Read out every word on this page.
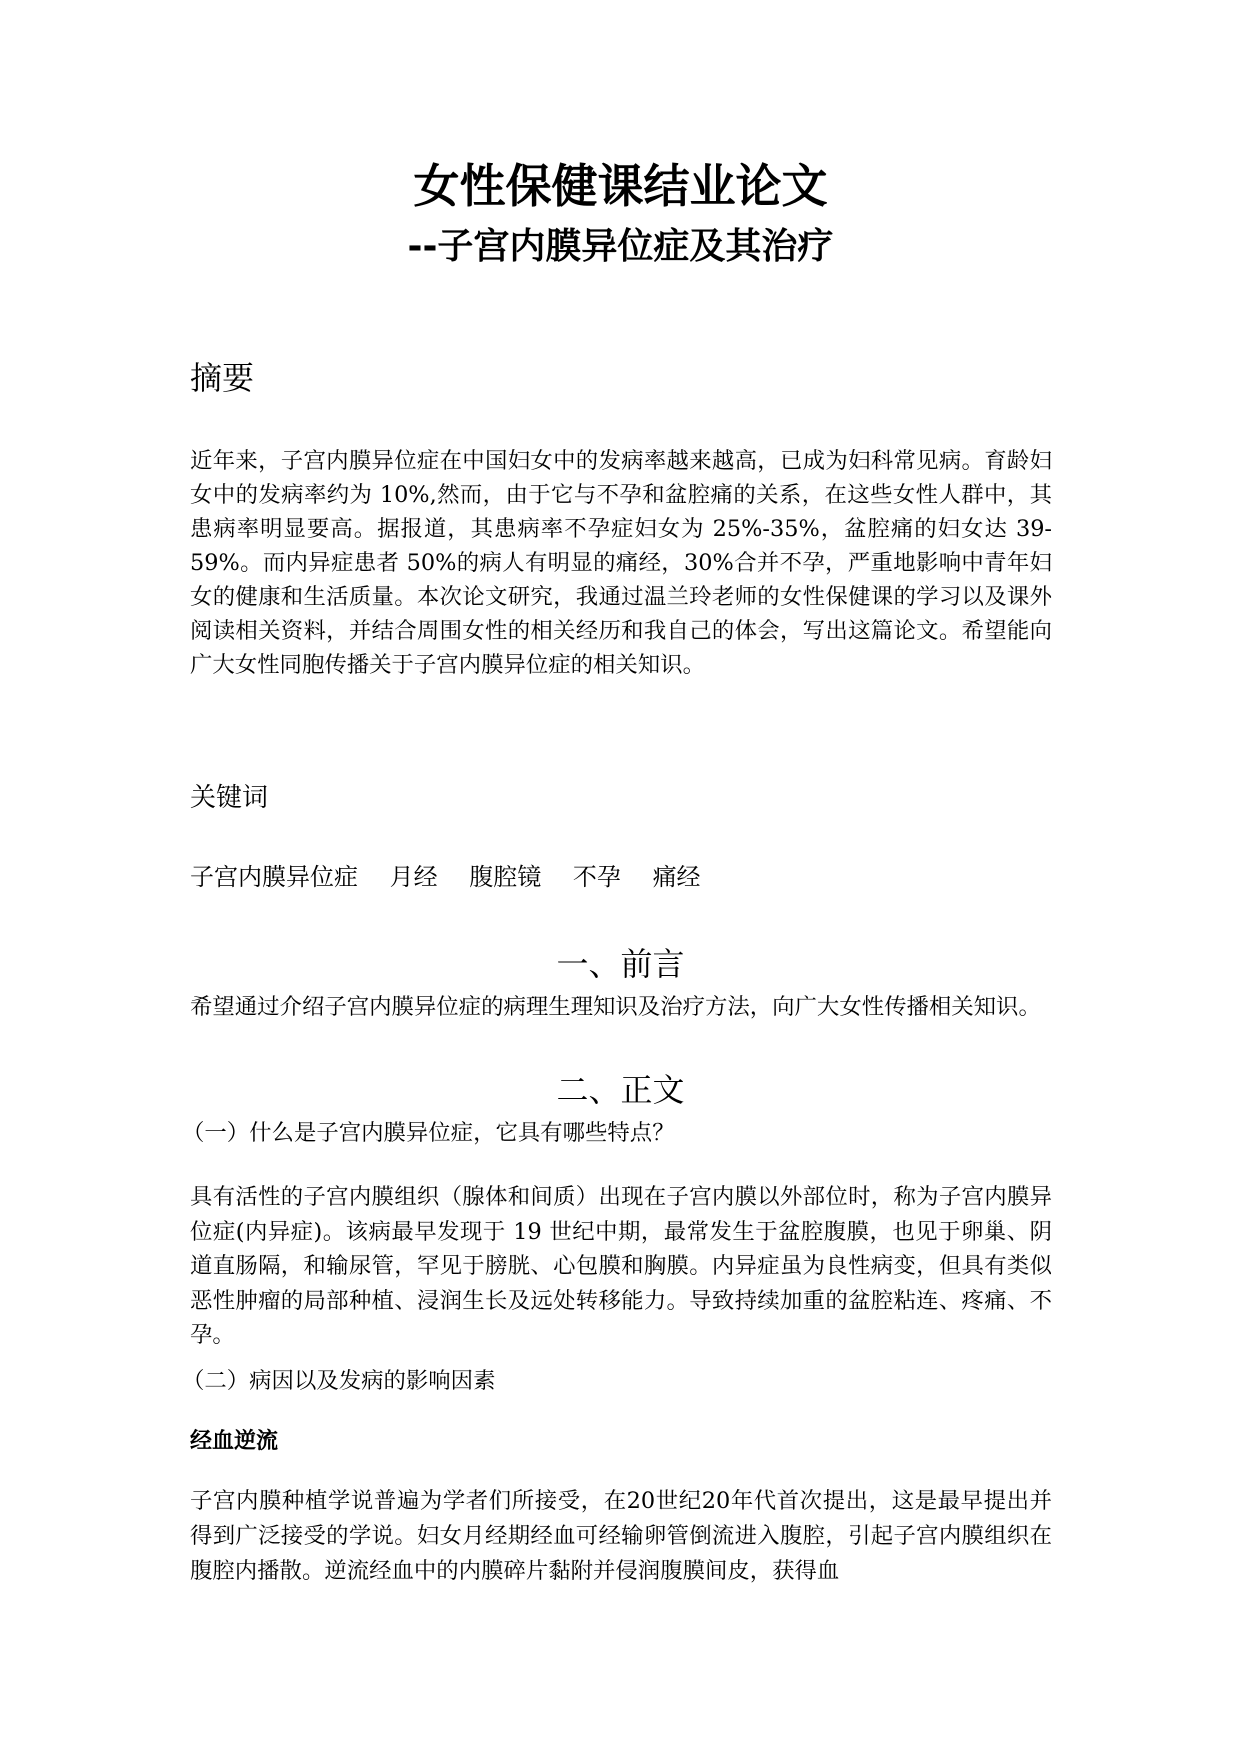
女性保健课结业论文
--子宫内膜异位症及其治疗
摘要

近年来，子宫内膜异位症在中国妇女中的发病率越来越高，已成为妇科常见病。育龄妇女中的发病率约为 10%,然而，由于它与不孕和盆腔痛的关系，在这些女性人群中，其患病率明显要高。据报道，其患病率不孕症妇女为 25%-35%，盆腔痛的妇女达 39-59%。而内异症患者 50%的病人有明显的痛经，30%合并不孕，严重地影响中青年妇女的健康和生活质量。本次论文研究，我通过温兰玲老师的女性保健课的学习以及课外阅读相关资料，并结合周围女性的相关经历和我自己的体会，写出这篇论文。希望能向广大女性同胞传播关于子宫内膜异位症的相关知识。

关键词

子宫内膜异位症 月经 腹腔镜 不孕 痛经

一、前言

希望通过介绍子宫内膜异位症的病理生理知识及治疗方法，向广大女性传播相关知识。

二、正文

（一）什么是子宫内膜异位症，它具有哪些特点？

具有活性的子宫内膜组织（腺体和间质）出现在子宫内膜以外部位时，称为子宫内膜异位症(内异症)。该病最早发现于 19 世纪中期，最常发生于盆腔腹膜，也见于卵巢、阴道直肠隔，和输尿管，罕见于膀胱、心包膜和胸膜。内异症虽为良性病变，但具有类似恶性肿瘤的局部种植、浸润生长及远处转移能力。导致持续加重的盆腔粘连、疼痛、不孕。

（二）病因以及发病的影响因素

经血逆流

子宫内膜种植学说普遍为学者们所接受，在20世纪20年代首次提出，这是最早提出并得到广泛接受的学说。妇女月经期经血可经输卵管倒流进入腹腔，引起子宫内膜组织在腹腔内播散。逆流经血中的内膜碎片黏附并侵润腹膜间皮，获得血
